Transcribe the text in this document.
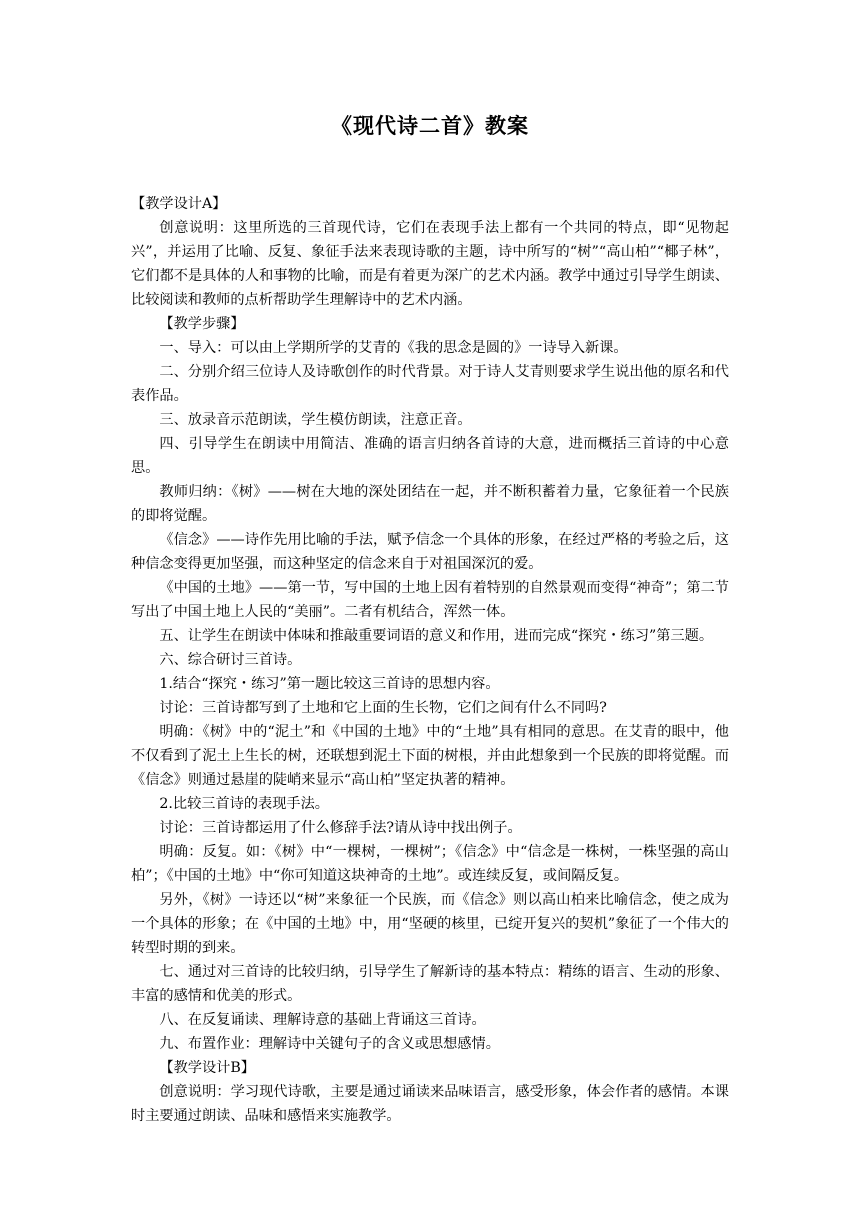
《现代诗二首》教案

【教学设计A】

创意说明：这里所选的三首现代诗，它们在表现手法上都有一个共同的特点，即“见物起兴”，并运用了比喻、反复、象征手法来表现诗歌的主题，诗中所写的“树”“高山柏”“椰子林”，它们都不是具体的人和事物的比喻，而是有着更为深广的艺术内涵。教学中通过引导学生朗读、比较阅读和教师的点析帮助学生理解诗中的艺术内涵。

【教学步骤】

一、导入：可以由上学期所学的艾青的《我的思念是圆的》一诗导入新课。

二、分别介绍三位诗人及诗歌创作的时代背景。对于诗人艾青则要求学生说出他的原名和代表作品。

三、放录音示范朗读，学生模仿朗读，注意正音。

四、引导学生在朗读中用简洁、准确的语言归纳各首诗的大意，进而概括三首诗的中心意思。

教师归纳：《树》——树在大地的深处团结在一起，并不断积蓄着力量，它象征着一个民族的即将觉醒。

《信念》——诗作先用比喻的手法，赋予信念一个具体的形象，在经过严格的考验之后，这种信念变得更加坚强，而这种坚定的信念来自于对祖国深沉的爱。

《中国的土地》——第一节，写中国的土地上因有着特别的自然景观而变得“神奇”；第二节写出了中国土地上人民的“美丽”。二者有机结合，浑然一体。

五、让学生在朗读中体味和推敲重要词语的意义和作用，进而完成“探究・练习”第三题。

六、综合研讨三首诗。

1.结合“探究・练习”第一题比较这三首诗的思想内容。

讨论：三首诗都写到了土地和它上面的生长物，它们之间有什么不同吗?

明确：《树》中的“泥土”和《中国的土地》中的“土地”具有相同的意思。在艾青的眼中，他不仅看到了泥土上生长的树，还联想到泥土下面的树根，并由此想象到一个民族的即将觉醒。而《信念》则通过悬崖的陡峭来显示“高山柏”坚定执著的精神。

2.比较三首诗的表现手法。

讨论：三首诗都运用了什么修辞手法?请从诗中找出例子。

明确：反复。如：《树》中“一棵树，一棵树”；《信念》中“信念是一株树，一株坚强的高山柏”；《中国的土地》中“你可知道这块神奇的土地”。或连续反复，或间隔反复。

另外，《树》一诗还以“树”来象征一个民族，而《信念》则以高山柏来比喻信念，使之成为一个具体的形象；在《中国的土地》中，用“坚硬的核里，已绽开复兴的契机”象征了一个伟大的转型时期的到来。

七、通过对三首诗的比较归纳，引导学生了解新诗的基本特点：精练的语言、生动的形象、丰富的感情和优美的形式。

八、在反复诵读、理解诗意的基础上背诵这三首诗。

九、布置作业：理解诗中关键句子的含义或思想感情。

【教学设计B】

创意说明：学习现代诗歌，主要是通过诵读来品味语言，感受形象，体会作者的感情。本课时主要通过朗读、品味和感悟来实施教学。
